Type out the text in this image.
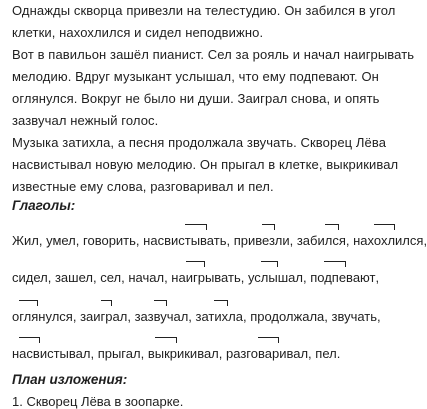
Однажды скворца привезли на телестудию. Он забился в угол
клетки, нахохлился и сидел неподвижно.
Вот в павильон зашёл пианист. Сел за рояль и начал наигрывать
мелодию. Вдруг музыкант услышал, что ему подпевают. Он
оглянулся. Вокруг не было ни души. Заиграл снова, и опять
зазвучал нежный голос.
Музыка затихла, а песня продолжала звучать. Скворец Лёва
насвистывал новую мелодию. Он прыгал в клетке, выкрикивал
известные ему слова, разговаривал и пел.
Глаголы:
Жил, умел, говорить, насвистывать
, привезли
, забился
, нахохлился
,
сидел, зашел, сел, начал, наигрывать
, услышал
, подпевают
,
оглянулся
, заиграл
, зазвучал
, затихла
, продолжала, звучать,
насвистывал
, прыгал, выкрикивал
, разговаривал
, пел.
План изложения:
1. Скворец Лёва в зоопарке.
